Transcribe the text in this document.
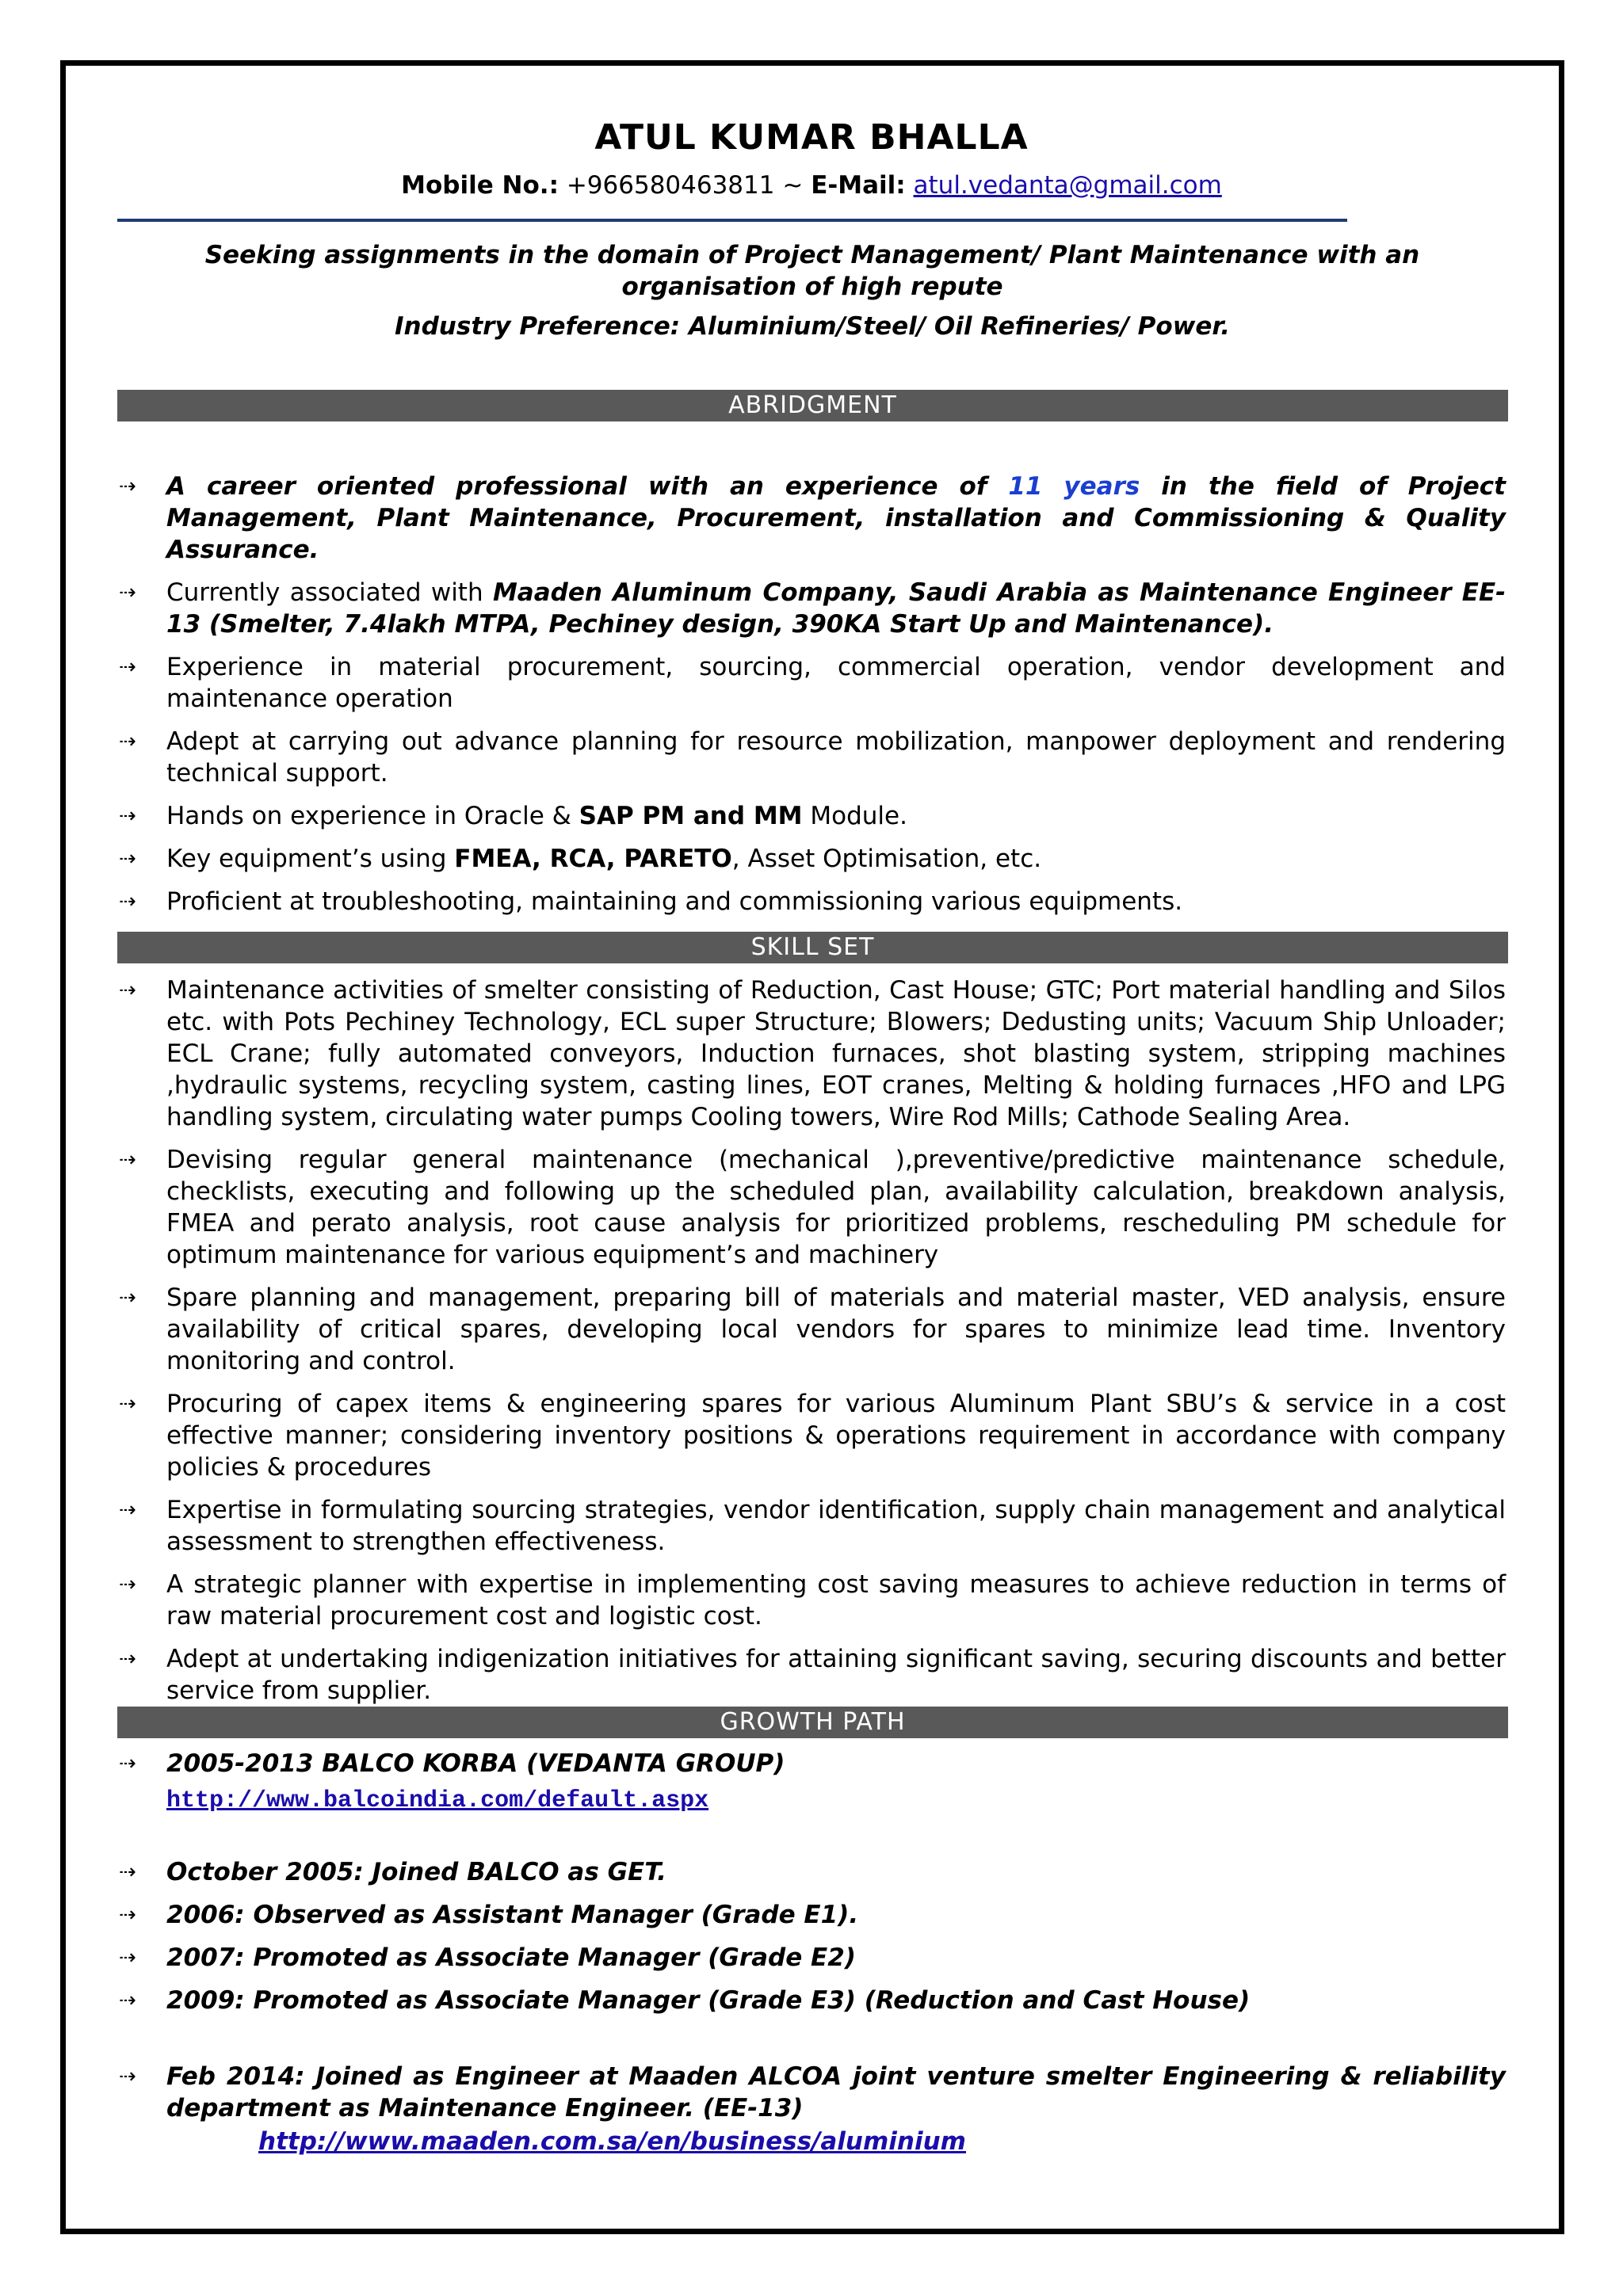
ATUL KUMAR BHALLA
Mobile No.: +966580463811 ~ E-Mail: atul.vedanta@gmail.com
Seeking assignments in the domain of Project Management/ Plant Maintenance with an organisation of high repute
Industry Preference: Aluminium/Steel/ Oil Refineries/ Power.
ABRIDGMENT
⇢ A career oriented professional with an experience of 11 years in the field of Project Management, Plant Maintenance, Procurement, installation and Commissioning & Quality Assurance.
⇢ Currently associated with Maaden Aluminum Company, Saudi Arabia as Maintenance Engineer EE-13 (Smelter, 7.4lakh MTPA, Pechiney design, 390KA Start Up and Maintenance).
⇢ Experience in material procurement, sourcing, commercial operation, vendor development and maintenance operation
⇢ Adept at carrying out advance planning for resource mobilization, manpower deployment and rendering technical support.
⇢ Hands on experience in Oracle & SAP PM and MM Module.
⇢ Key equipment’s using FMEA, RCA, PARETO, Asset Optimisation, etc.
⇢ Proficient at troubleshooting, maintaining and commissioning various equipments.
SKILL SET
⇢ Maintenance activities of smelter consisting of Reduction, Cast House; GTC; Port material handling and Silos etc. with Pots Pechiney Technology, ECL super Structure; Blowers; Dedusting units; Vacuum Ship Unloader; ECL Crane; fully automated conveyors, Induction furnaces, shot blasting system, stripping machines ,hydraulic systems, recycling system, casting lines, EOT cranes, Melting & holding furnaces ,HFO and LPG handling system, circulating water pumps Cooling towers, Wire Rod Mills; Cathode Sealing Area.
⇢ Devising regular general maintenance (mechanical ),preventive/predictive maintenance schedule, checklists, executing and following up the scheduled plan, availability calculation, breakdown analysis, FMEA and perato analysis, root cause analysis for prioritized problems, rescheduling PM schedule for optimum maintenance for various equipment’s and machinery
⇢ Spare planning and management, preparing bill of materials and material master, VED analysis, ensure availability of critical spares, developing local vendors for spares to minimize lead time. Inventory monitoring and control.
⇢ Procuring of capex items & engineering spares for various Aluminum Plant SBU’s & service in a cost effective manner; considering inventory positions & operations requirement in accordance with company policies & procedures
⇢ Expertise in formulating sourcing strategies, vendor identification, supply chain management and analytical assessment to strengthen effectiveness.
⇢ A strategic planner with expertise in implementing cost saving measures to achieve reduction in terms of raw material procurement cost and logistic cost.
⇢ Adept at undertaking indigenization initiatives for attaining significant saving, securing discounts and better service from supplier.
GROWTH PATH
⇢ 2005-2013 BALCO KORBA (VEDANTA GROUP)
http://www.balcoindia.com/default.aspx
⇢ October 2005: Joined BALCO as GET.
⇢ 2006: Observed as Assistant Manager (Grade E1).
⇢ 2007: Promoted as Associate Manager (Grade E2)
⇢ 2009: Promoted as Associate Manager (Grade E3) (Reduction and Cast House)
⇢ Feb 2014: Joined as Engineer at Maaden ALCOA joint venture smelter Engineering & reliability department as Maintenance Engineer. (EE-13)
http://www.maaden.com.sa/en/business/aluminium
